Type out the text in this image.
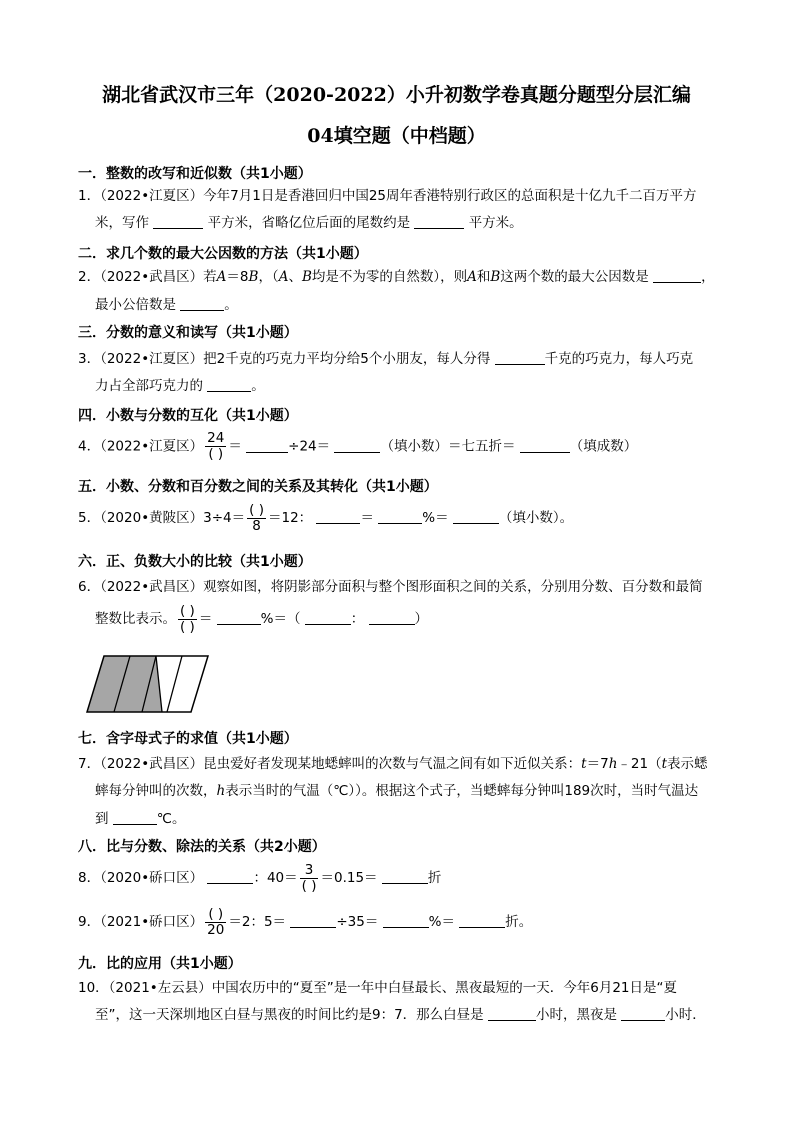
湖北省武汉市三年（2020-2022）小升初数学卷真题分题型分层汇编
04填空题（中档题）
一．整数的改写和近似数（共1小题）
1．（2022•江夏区）今年7月1日是香港回归中国25周年香港特别行政区的总面积是十亿九千二百万平方
米，写作	平方米，省略亿位后面的尾数约是	平方米。
二．求几个数的最大公因数的方法（共1小题）
2．（2022•武昌区）若A＝8B，（A、B均是不为零的自然数），则A和B这两个数的最大公因数是	，
最小公倍数是	。
三．分数的意义和读写（共1小题）
3．（2022•江夏区）把2千克的巧克力平均分给5个小朋友，每人分得	千克的巧克力，每人巧克
力占全部巧克力的	。
四．小数与分数的互化（共1小题）
4．（2022•江夏区） $\frac{24}{( )}$ ＝	÷24＝	（填小数）＝七五折＝	（填成数）
五．小数、分数和百分数之间的关系及其转化（共1小题）
5．（2020•黄陂区）$3\div 4= \frac{( )}{8} =12$：	＝	%＝	（填小数）。
六．正、负数大小的比较（共1小题）
6．（2022•武昌区）观察如图，将阴影部分面积与整个图形面积之间的关系，分别用分数、百分数和最简
整数比表示。 $\frac{( )}{( )}$ ＝	%＝（	：	）
七．含字母式子的求值（共1小题）
7．（2022•武昌区）昆虫爱好者发现某地蟋蟀叫的次数与气温之间有如下近似关系：t＝7h﹣21（t表示蟋
蟀每分钟叫的次数，h表示当时的气温（℃））。根据这个式子，当蟋蟀每分钟叫189次时，当时气温达
到	℃。
八．比与分数、除法的关系（共2小题）
8．（2020•硚口区）	：$40= \frac{3}{( )} =0.15=$	折
9．（2021•硚口区） $\frac{( )}{20} =2$：5＝	÷35＝	%＝	折。
九．比的应用（共1小题）
10．（2021•左云县）中国农历中的“夏至”是一年中白昼最长、黑夜最短的一天．今年6月21日是“夏
至”，这一天深圳地区白昼与黑夜的时间比约是9：7．那么白昼是	小时，黑夜是	小时．
